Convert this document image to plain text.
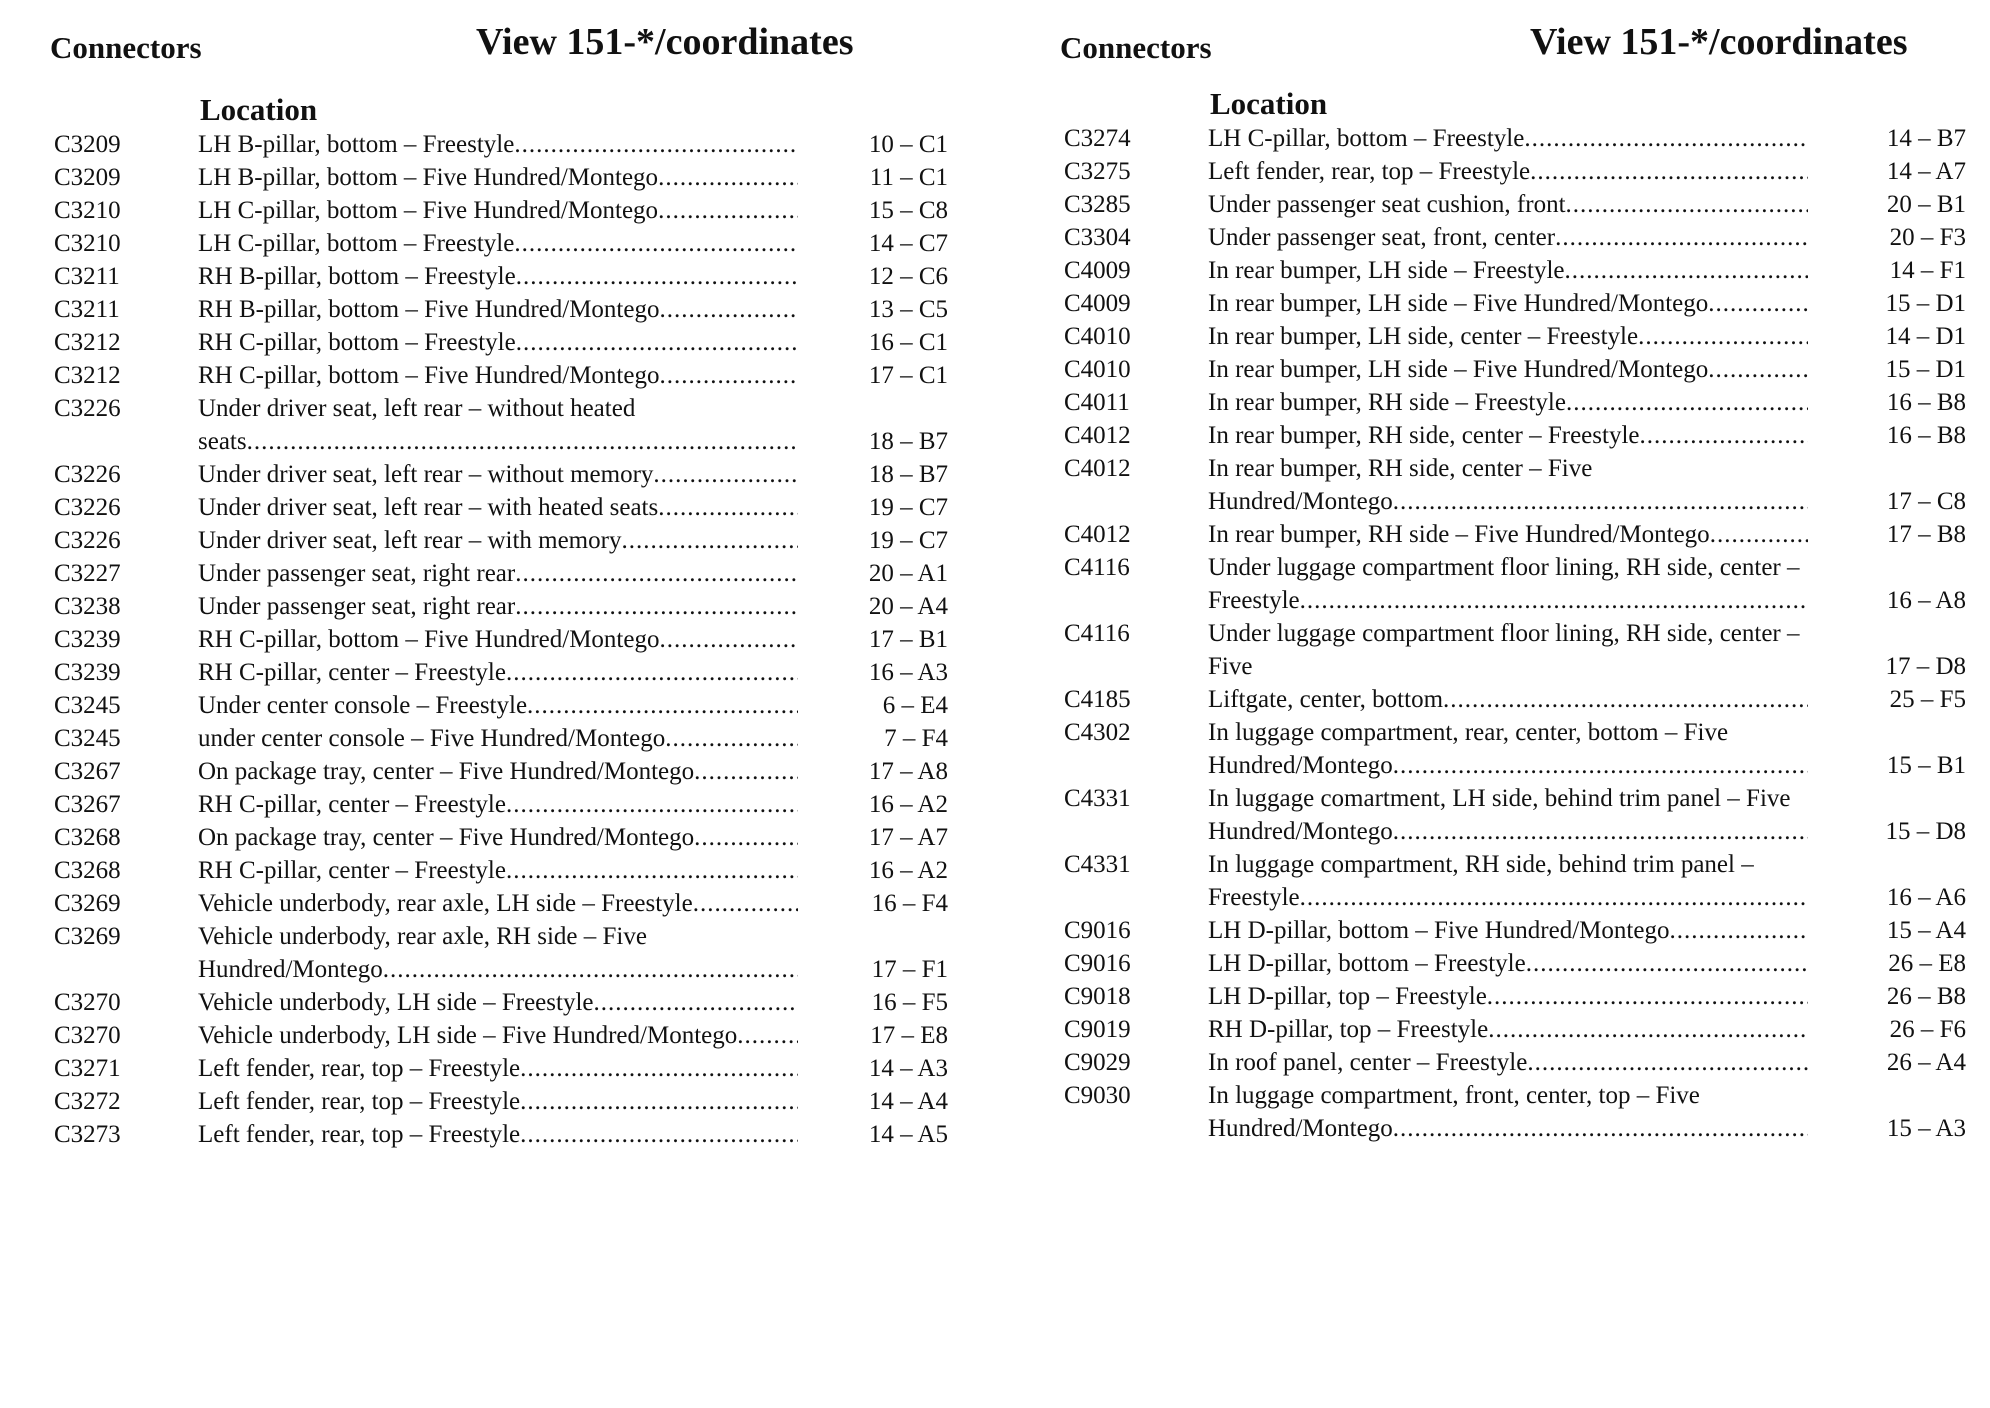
Connectors	View 151-*/coordinates
Location
C3209	LH B-pillar, bottom – Freestyle .....	10 – C1
C3209	LH B-pillar, bottom – Five Hundred/Montego .....	11 – C1
C3210	LH C-pillar, bottom – Five Hundred/Montego .....	15 – C8
C3210	LH C-pillar, bottom – Freestyle .....	14 – C7
C3211	RH B-pillar, bottom – Freestyle .....	12 – C6
C3211	RH B-pillar, bottom – Five Hundred/Montego .....	13 – C5
C3212	RH C-pillar, bottom – Freestyle .....	16 – C1
C3212	RH C-pillar, bottom – Five Hundred/Montego .....	17 – C1
C3226	Under driver seat, left rear – without heated seats .....	18 – B7
C3226	Under driver seat, left rear – without memory .....	18 – B7
C3226	Under driver seat, left rear – with heated seats .....	19 – C7
C3226	Under driver seat, left rear – with memory .....	19 – C7
C3227	Under passenger seat, right rear .....	20 – A1
C3238	Under passenger seat, right rear .....	20 – A4
C3239	RH C-pillar, bottom – Five Hundred/Montego .....	17 – B1
C3239	RH C-pillar, center – Freestyle .....	16 – A3
C3245	Under center console – Freestyle .....	6 – E4
C3245	under center console – Five Hundred/Montego .....	7 – F4
C3267	On package tray, center – Five Hundred/Montego .....	17 – A8
C3267	RH C-pillar, center – Freestyle .....	16 – A2
C3268	On package tray, center – Five Hundred/Montego .....	17 – A7
C3268	RH C-pillar, center – Freestyle .....	16 – A2
C3269	Vehicle underbody, rear axle, LH side – Freestyle .....	16 – F4
C3269	Vehicle underbody, rear axle, RH side – Five Hundred/Montego .....	17 – F1
C3270	Vehicle underbody, LH side – Freestyle .....	16 – F5
C3270	Vehicle underbody, LH side – Five Hundred/Montego .....	17 – E8
C3271	Left fender, rear, top – Freestyle .....	14 – A3
C3272	Left fender, rear, top – Freestyle .....	14 – A4
C3273	Left fender, rear, top – Freestyle .....	14 – A5
Connectors	View 151-*/coordinates
Location
C3274	LH C-pillar, bottom – Freestyle .....	14 – B7
C3275	Left fender, rear, top – Freestyle .....	14 – A7
C3285	Under passenger seat cushion, front .....	20 – B1
C3304	Under passenger seat, front, center .....	20 – F3
C4009	In rear bumper, LH side – Freestyle .....	14 – F1
C4009	In rear bumper, LH side – Five Hundred/Montego .....	15 – D1
C4010	In rear bumper, LH side, center – Freestyle .....	14 – D1
C4010	In rear bumper, LH side – Five Hundred/Montego .....	15 – D1
C4011	In rear bumper, RH side – Freestyle .....	16 – B8
C4012	In rear bumper, RH side, center – Freestyle .....	16 – B8
C4012	In rear bumper, RH side, center – Five Hundred/Montego .....	17 – C8
C4012	In rear bumper, RH side – Five Hundred/Montego .....	17 – B8
C4116	Under luggage compartment floor lining, RH side, center – Freestyle .....	16 – A8
C4116	Under luggage compartment floor lining, RH side, center – Five	17 – D8
C4185	Liftgate, center, bottom .....	25 – F5
C4302	In luggage compartment, rear, center, bottom – Five Hundred/Montego .....	15 – B1
C4331	In luggage comartment, LH side, behind trim panel – Five Hundred/Montego .....	15 – D8
C4331	In luggage compartment, RH side, behind trim panel – Freestyle .....	16 – A6
C9016	LH D-pillar, bottom – Five Hundred/Montego .....	15 – A4
C9016	LH D-pillar, bottom – Freestyle .....	26 – E8
C9018	LH D-pillar, top – Freestyle .....	26 – B8
C9019	RH D-pillar, top – Freestyle .....	26 – F6
C9029	In roof panel, center – Freestyle .....	26 – A4
C9030	In luggage compartment, front, center, top – Five Hundred/Montego .....	15 – A3
